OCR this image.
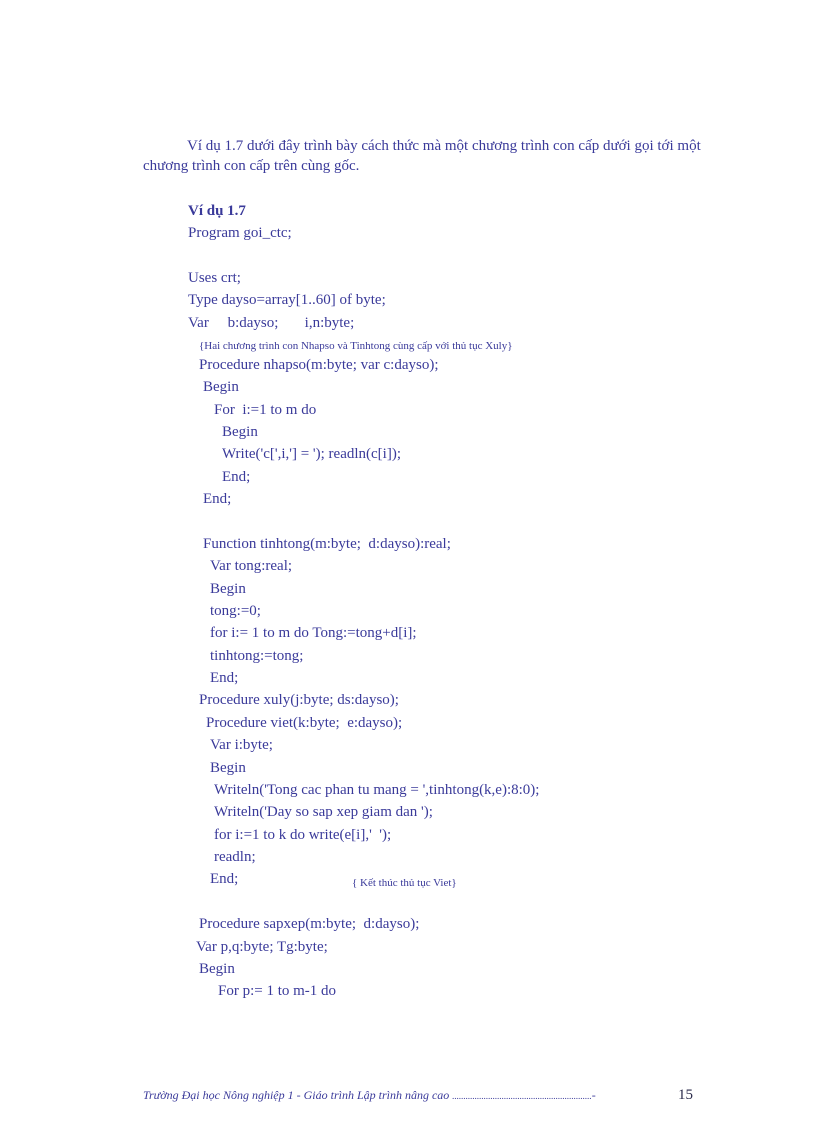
Ví dụ 1.7 dưới đây trình bày cách thức mà một chương trình con cấp dưới gọi tới một
chương trình con cấp trên cùng gốc.
Ví dụ 1.7
Program goi_ctc;
Uses crt;
Type dayso=array[1..60] of byte;
Var     b:dayso;       i,n:byte;
{Hai chương trình con Nhapso và Tinhtong cùng cấp với thủ tục Xuly}
Procedure nhapso(m:byte; var c:dayso);
Begin
For  i:=1 to m do
Begin
Write('c[',i,'] = '); readln(c[i]);
End;
End;
Function tinhtong(m:byte;  d:dayso):real;
Var tong:real;
Begin
tong:=0;
for i:= 1 to m do Tong:=tong+d[i];
tinhtong:=tong;
End;
Procedure xuly(j:byte; ds:dayso);
Procedure viet(k:byte;  e:dayso);
Var i:byte;
Begin
Writeln('Tong cac phan tu mang = ',tinhtong(k,e):8:0);
Writeln('Day so sap xep giam dan ');
for i:=1 to k do write(e[i],'  ');
readln;
End;	{ Kết thúc thủ tục Viet}
Procedure sapxep(m:byte;  d:dayso);
Var p,q:byte; Tg:byte;
Begin
For p:= 1 to m-1 do
Trường Đại học Nông nghiệp 1 - Giáo trình Lập trình nâng cao ..............................................................-	15
